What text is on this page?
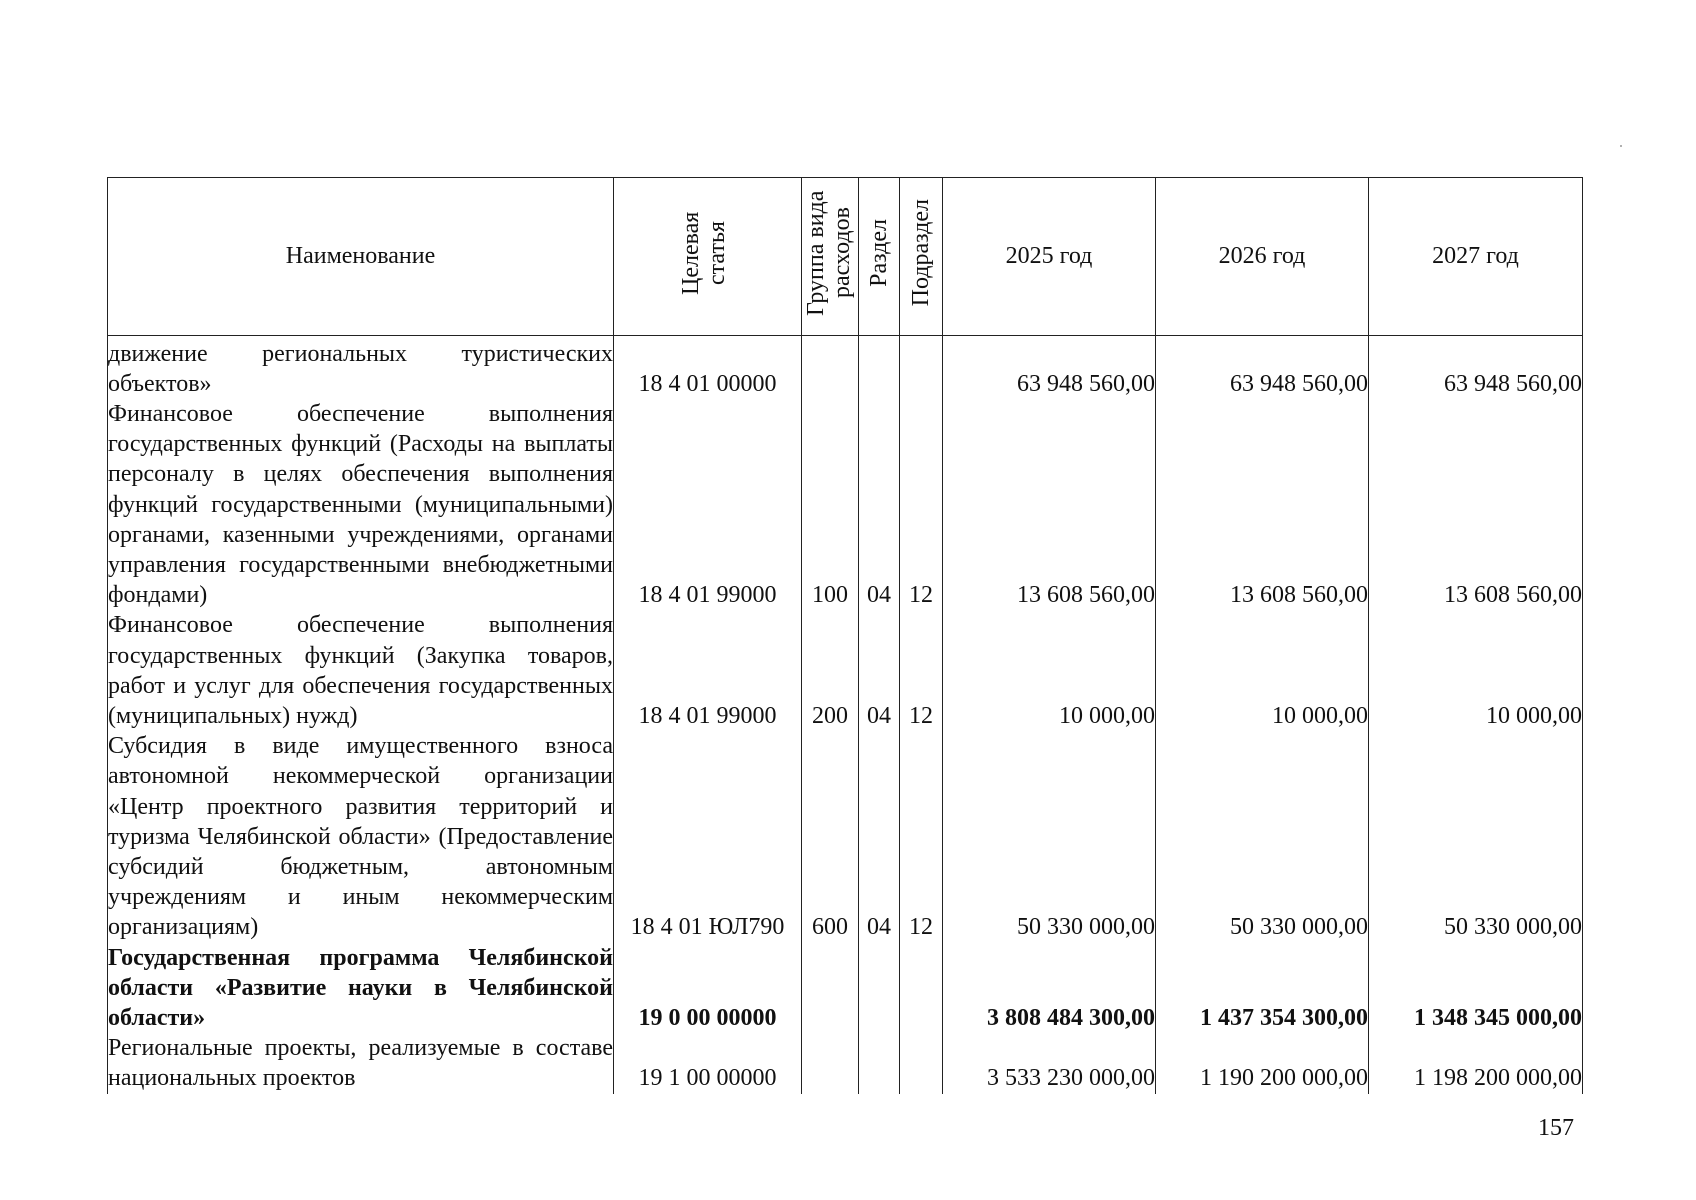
Наименование	Целевая статья	Группа вида расходов	Раздел	Подраздел	2025 год	2026 год	2027 год
движение региональных туристических объектов»	18 4 01 00000				63 948 560,00	63 948 560,00	63 948 560,00
Финансовое обеспечение выполнения государственных функций (Расходы на выплаты персоналу в целях обеспечения выполнения функций государственными (муниципальными) органами, казенными учреждениями, органами управления государственными внебюджетными фондами)	18 4 01 99000	100	04	12	13 608 560,00	13 608 560,00	13 608 560,00
Финансовое обеспечение выполнения государственных функций (Закупка товаров, работ и услуг для обеспечения государственных (муниципальных) нужд)	18 4 01 99000	200	04	12	10 000,00	10 000,00	10 000,00
Субсидия в виде имущественного взноса автономной некоммерческой организации «Центр проектного развития территорий и туризма Челябинской области» (Предоставление субсидий бюджетным, автономным учреждениям и иным некоммерческим организациям)	18 4 01 ЮЛ790	600	04	12	50 330 000,00	50 330 000,00	50 330 000,00
Государственная программа Челябинской области «Развитие науки в Челябинской области»	19 0 00 00000				3 808 484 300,00	1 437 354 300,00	1 348 345 000,00
Региональные проекты, реализуемые в составе национальных проектов	19 1 00 00000				3 533 230 000,00	1 190 200 000,00	1 198 200 000,00
157
